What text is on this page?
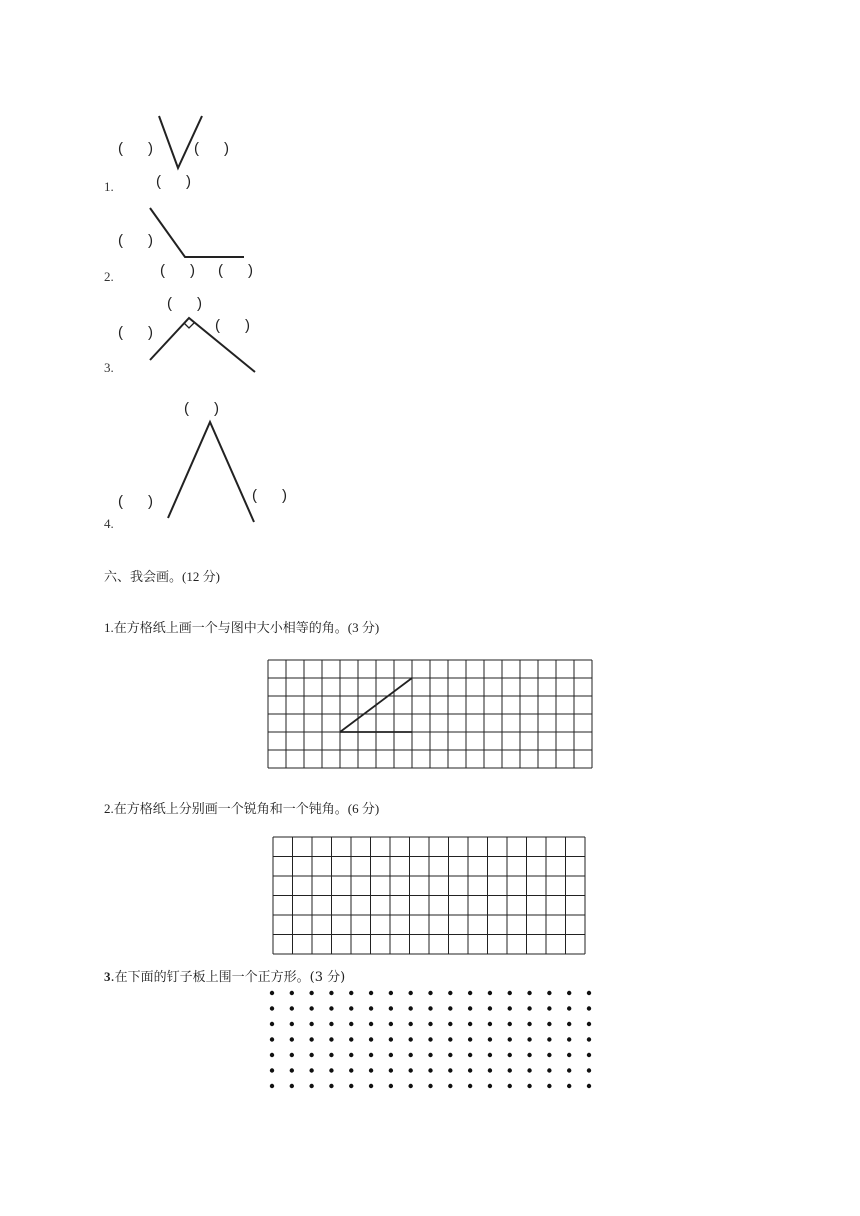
(      )	(      )
(      )
1.
(      )
(      ) (      )
2.
(      )
(      )
(      )
3.
(      )
(      )	(      )
4.
六、我会画。(12 分)
1.在方格纸上画一个与图中大小相等的角。(3 分)
2.在方格纸上分别画一个锐角和一个钝角。(6 分)
3.在下面的钉子板上围一个正方形。(3 分)
